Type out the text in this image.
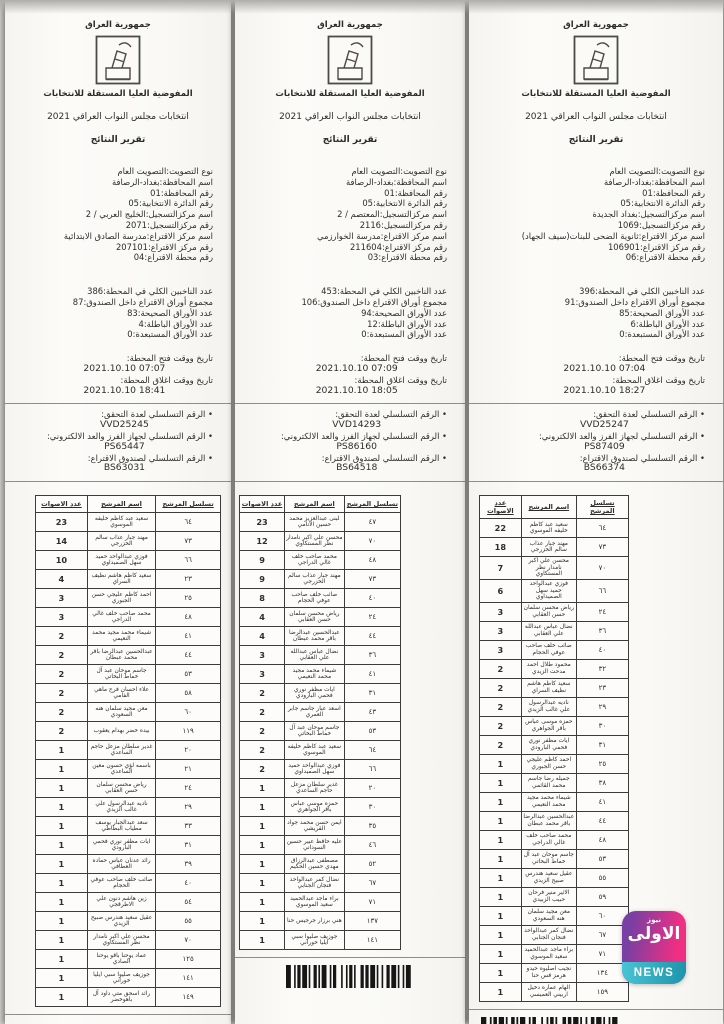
جمهورية العراق
المفوضية العليا المستقلة للانتخابات
انتخابات مجلس النواب العراقي 2021
تقرير النتائج
نوع التصويت:التصويت العام
اسم المحافظة:بغداد-الرصافة
رقم المحافظة:01
رقم الدائرة الانتخابية:05
اسم مركزالتسجيل:الخليج العربي / 2
رقم مركزالتسجيل:2071
اسم مركز الاقتراع:مدرسة الصادق الابتدائية
رقم مركز الاقتراع:207101
رقم محطة الاقتراع:04
عدد الناخبين الكلي في المحطة:386
مجموع أوراق الاقتراع داخل الصندوق:87
عدد الأوراق الصحيحة:83
عدد الأوراق الباطلة:4
عدد الأوراق المستبعدة:0
تاريخ ووقت فتح المحطة:
2021.10.10 07:07
تاريخ ووقت اغلاق المحطة:
2021.10.10 18:41
• الرقم التسلسلي لعدة التحقق:
VVD25245
• الرقم التسلسلي لجهاز الفرز والعد الالكتروني:
PS65447
• الرقم التسلسلي لصندوق الاقتراع:
BS63031
تسلسل المرشح	اسم المرشح	عدد الاصوات
٦٤	سعيد عبد كاظم خليفه الموسوي	23
٧٣	مهند جبار عذاب سالم الخزرجي	14
٦٦	فوزي عبدالواحد حميد سهل الصميداوي	10
٢٣	سعيد كاظم هاشم نظيف السراي	4
٢٥	احمد كاظم عليجي حسن الجبوري	3
٤٨	محمد صاحب خلف غالي الدراجي	3
٤١	شيماء محمد مجيد محمد النعيمي	2
٤٤	عبدالحسين عبدالرضا باقر محمد عبطان	2
٥٣	جاسم موحان عبد آل خماط البخاتي	2
٥٨	علاء احسان فرج ماهي الفامي	2
٦٠	معن مجيد سلمان هنه السعودي	2
١١٩	بيده خضر بهدام يعقوب	2
٢٠	غدير سلطان مزعل حاجم الساعدي	1
٢١	باسمه لؤي حسون معين الساعدي	1
٢٤	رياض محسن سلمان حسن العقابي	1
٢٩	ناديه عبدالرسول علي غالب الزيدي	1
٣٣	سعد عبدالجبار يوسف مطياب البطاطي	1
٣١	ايات مظفر نوري فحمي البارودي	1
٣٩	رائد عدنان عباس حماده العطافي	1
٤٠	صائب خلف صاحب عوفي الحجام	1
٥٤	زين هاشم دنون علي الاطرقجي	1
٥٥	عقيل سعيد هندرس صبيح الزيدي	1
٧٠	محسن علي اكبر نامدار نظر المستكاوي	1
١٢٥	عماد يوحنا باقو يوحنا الصادي	1
١٤١	جوزيف صليوا سبي ايليا خوراني	1
١٤٩	رائد اسحق متي داود آل باهوخضر	1
جمهورية العراق
المفوضية العليا المستقلة للانتخابات
انتخابات مجلس النواب العراقي 2021
تقرير النتائج
نوع التصويت:التصويت العام
اسم المحافظة:بغداد-الرصافة
رقم المحافظة:01
رقم الدائرة الانتخابية:05
اسم مركزالتسجيل:المعتصم / 2
رقم مركزالتسجيل:2116
اسم مركز الاقتراع:مدرسة الخوارزمي
رقم مركز الاقتراع:211604
رقم محطة الاقتراع:03
عدد الناخبين الكلي في المحطة:453
مجموع أوراق الاقتراع داخل الصندوق:106
عدد الأوراق الصحيحة:94
عدد الأوراق الباطلة:12
عدد الأوراق المستبعدة:0
تاريخ ووقت فتح المحطة:
2021.10.10 07:09
تاريخ ووقت اغلاق المحطة:
2021.10.10 18:05
• الرقم التسلسلي لعدة التحقق:
VVD14293
• الرقم التسلسلي لجهاز الفرز والعد الالكتروني:
PS86160
• الرقم التسلسلي لصندوق الاقتراع:
BS64518
تسلسل المرشح	اسم المرشح	عدد الاصوات
٤٧	لبنى عبدالعزيز محمد حسين الانامي	23
٧٠	محسن علي اكبر نامدار نظر المستكاوي	12
٤٨	محمد صاحب خلف غالي الدراجي	9
٧٣	مهند جبار عذاب سالم الخزرجي	9
٤٠	صائب خلف صاحب عوفي الحجام	8
٢٤	رياض محسن سلمان حسن العقابي	4
٤٤	عبدالحسين عبدالرضا باقر محمد عبطان	4
٣٦	نضال عباس عبدالله علي العقابي	3
٤١	شيماء محمد مجيد محمد النعيمي	3
٣١	ايات مظفر نوري فحمي البارودي	2
٤٣	اسعد عبار جاسم جابر العمري	2
٥٣	جاسم موحان عبد آل خماط البخاتي	2
٦٤	سعيد عبد كاظم خليفه الموسوي	2
٦٦	فوزي عبدالواحد حميد سهل الصميداوي	2
٢٠	غدير سلطان مزعل حاجم الساعدي	1
٣٠	حمزه موسى عباس باقر الجواهري	1
٣٥	ايمن حسن محمد جواد القريشي	1
٤٦	عليه حافظ عبير حسين السوداني	1
٥٢	مصطفى عبدالرزاق مهدي حسين الحكيم	1
٦٧	نضال كمر عبدالواحد فنجان الجنابي	1
٧١	براء ماجد عبدالحميد سعيد الموسوي	1
١٣٧	هني برزار جرجيس حنا	1
١٤١	جوزيف صليوا سبي ايليا خوراني	1
جمهورية العراق
المفوضية العليا المستقلة للانتخابات
انتخابات مجلس النواب العراقي 2021
تقرير النتائج
نوع التصويت:التصويت العام
اسم المحافظة:بغداد-الرصافة
رقم المحافظة:01
رقم الدائرة الانتخابية:05
اسم مركزالتسجيل:بغداد الجديدة
رقم مركزالتسجيل:1069
اسم مركز الاقتراع:ثانوية الضحى للبنات(سيف الجهاد)
رقم مركز الاقتراع:106901
رقم محطة الاقتراع:06
عدد الناخبين الكلي في المحطة:396
مجموع أوراق الاقتراع داخل الصندوق:91
عدد الأوراق الصحيحة:85
عدد الأوراق الباطلة:6
عدد الأوراق المستبعدة:0
تاريخ ووقت فتح المحطة:
2021.10.10 07:04
تاريخ ووقت اغلاق المحطة:
2021.10.10 18:27
• الرقم التسلسلي لعدة التحقق:
VVD25247
• الرقم التسلسلي لجهاز الفرز والعد الالكتروني:
PS87409
• الرقم التسلسلي لصندوق الاقتراع:
BS66374
تسلسل المرشح	اسم المرشح	عدد الاصوات
٦٤	سعيد عبد كاظم خليفه الموسوي	22
٧٣	مهند جبار عذاب سالم الخزرجي	18
٧٠	محسن علي اكبر نامدار نظر المستكاوي	7
٦٦	فوزي عبدالواحد حميد سهل الصميداوي	6
٢٤	رياض محسن سلمان حسن العقابي	3
٣٦	نضال عباس عبدالله علي العقابي	3
٤٠	صائب خلف صاحب عوفي الحجام	3
٣٢	محمود طلال احمد مدحت الزيدي	2
٢٣	سعيد كاظم هاشم نظيف السراي	2
٢٩	ناديه عبدالرسول علي غالب الزيدي	2
٣٠	حمزه موسى عباس باقر الجواهري	2
٣١	ايات مظفر نوري فحمي البارودي	2
٢٥	احمد كاظم عليجي حسن الجبوري	1
٣٨	جميله رضا جاسم محمد القائمي	1
٤١	شيماء محمد مجيد محمد النعيمي	1
٤٤	عبدالحسين عبدالرضا باقر محمد عبطان	1
٤٨	محمد صاحب خلف غالي الدراجي	1
٥٣	جاسم موحان عبد آل خماط البخاتي	1
٥٥	عقيل سعيد هندرس صبيح الزيدي	1
٥٩	الاثير منير فرحان حبيب الزبيدي	1
٦٠	معن مجيد سلمان هنه السعودي	1
٦٧	نضال كمر عبدالواحد فنجان الجنابي	1
٧١	براء ماجد عبدالحميد سعيد الموسوي	1
١٣٤	نجيب اصليوه حيدو هرمز قس حنا	1
١٥٩	الهام عماره دخيل اربيني العميسي	1
نيوز
الاولى
NEWS
